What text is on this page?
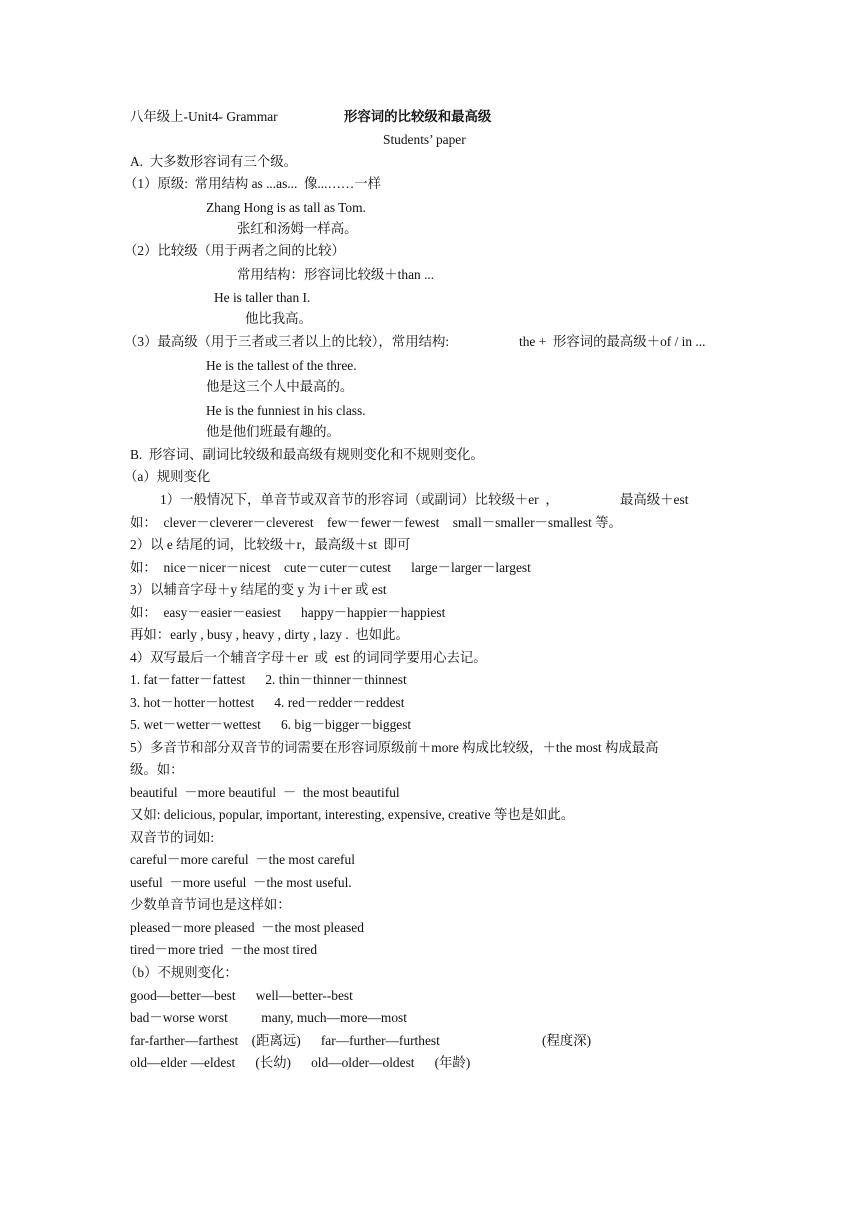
八年级上-Unit4- Grammar	形容词的比较级和最高级
Students’ paper
A.  大多数形容词有三个级。
（1）原级:  常用结构 as ...as...  像...……一样
Zhang Hong is as tall as Tom.
张红和汤姆一样高。
（2）比较级（用于两者之间的比较）
常用结构：形容词比较级＋than ...
He is taller than I.
他比我高。
（3）最高级（用于三者或三者以上的比较），常用结构:	the +  形容词的最高级＋of / in ...
He is the tallest of the three.
他是这三个人中最高的。
He is the funniest in his class.
他是他们班最有趣的。
B.  形容词、副词比较级和最高级有规则变化和不规则变化。
（a）规则变化
1）一般情况下，单音节或双音节的形容词（或副词）比较级＋er  ，	最高级＋est
如：  clever－cleverer－cleverest    few－fewer－fewest    small－smaller－smallest 等。
2）以 e 结尾的词，比较级＋r，最高级＋st  即可
如：  nice－nicer－nicest    cute－cuter－cutest      large－larger－largest
3）以辅音字母＋y 结尾的变 y 为 i＋er 或 est
如：  easy－easier－easiest      happy－happier－happiest
再如：early , busy , heavy , dirty , lazy .  也如此。
4）双写最后一个辅音字母＋er  或  est 的词同学要用心去记。
1. fat－fatter－fattest      2. thin－thinner－thinnest
3. hot－hotter－hottest      4. red－redder－reddest
5. wet－wetter－wettest      6. big－bigger－biggest
5）多音节和部分双音节的词需要在形容词原级前＋more 构成比较级，＋the most 构成最高
级。如：
beautiful  －more beautiful  －  the most beautiful
又如: delicious, popular, important, interesting, expensive, creative 等也是如此。
双音节的词如:
careful－more careful  －the most careful
useful  －more useful  －the most useful.
少数单音节词也是这样如：
pleased－more pleased  －the most pleased
tired－more tried  －the most tired
（b）不规则变化：
good—better—best      well—better--best
bad－worse worst          many, much—more—most
far-farther—farthest    (距离远)      far—further—furthest	(程度深)
old—elder —eldest      (长幼)      old—older—oldest      (年龄)
